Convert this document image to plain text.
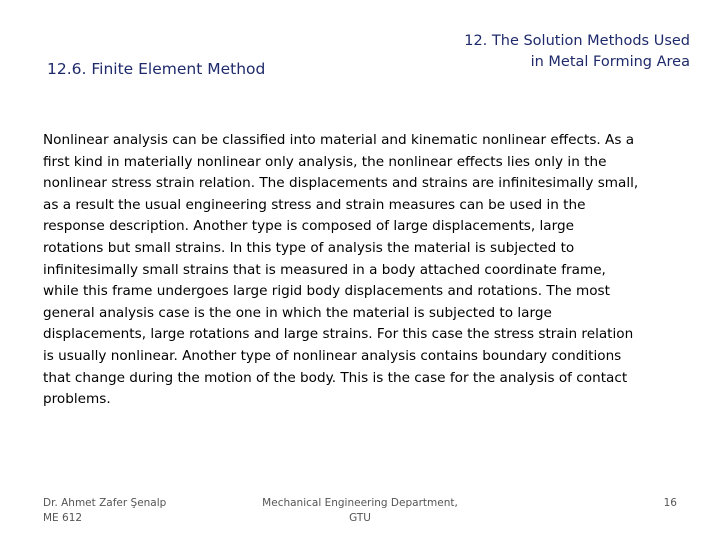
12. The Solution Methods Used
in Metal Forming Area
12.6. Finite Element Method
Nonlinear analysis can be classified into material and kinematic nonlinear effects. As a
first kind in materially nonlinear only analysis, the nonlinear effects lies only in the
nonlinear stress strain relation. The displacements and strains are infinitesimally small,
as a result the usual engineering stress and strain measures can be used in the
response description. Another type is composed of large displacements, large
rotations but small strains. In this type of analysis the material is subjected to
infinitesimally small strains that is measured in a body attached coordinate frame,
while this frame undergoes large rigid body displacements and rotations. The most
general analysis case is the one in which the material is subjected to large
displacements, large rotations and large strains. For this case the stress strain relation
is usually nonlinear. Another type of nonlinear analysis contains boundary conditions
that change during the motion of the body. This is the case for the analysis of contact
problems.
Dr. Ahmet Zafer Şenalp
ME 612
Mechanical Engineering Department,
GTU
16
